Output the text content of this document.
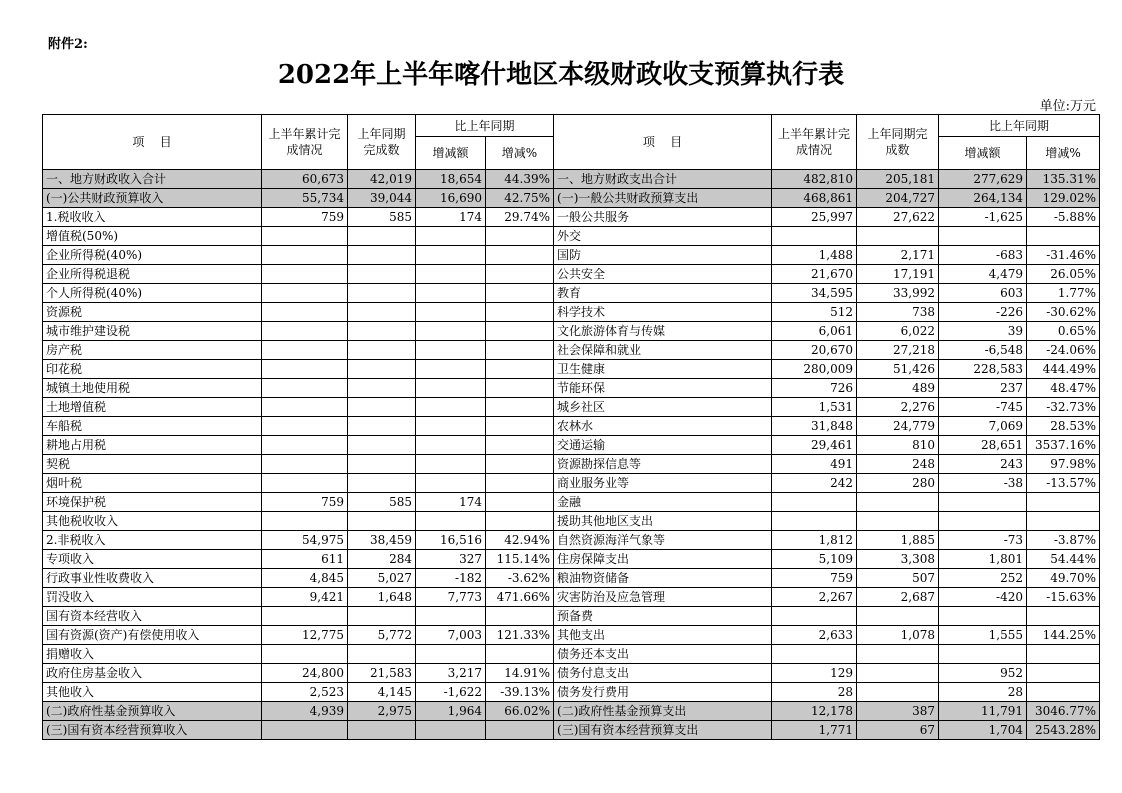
附件2:
2022年上半年喀什地区本级财政收支预算执行表
单位:万元
项    目	上半年累计完成情况	上年同期完成数	比上年同期		项    目	上半年累计完成情况	上年同期完成数	比上年同期	
			增减额	增减%				增减额	增减%
一、地方财政收入合计	60,673	42,019	18,654	44.39%	一、地方财政支出合计	482,810	205,181	277,629	135.31%
(一)公共财政预算收入	55,734	39,044	16,690	42.75%	(一)一般公共财政预算支出	468,861	204,727	264,134	129.02%
1.税收收入	759	585	174	29.74%	一般公共服务	25,997	27,622	-1,625	-5.88%
增值税(50%)					外交				
企业所得税(40%)					国防	1,488	2,171	-683	-31.46%
企业所得税退税					公共安全	21,670	17,191	4,479	26.05%
个人所得税(40%)					教育	34,595	33,992	603	1.77%
资源税					科学技术	512	738	-226	-30.62%
城市维护建设税					文化旅游体育与传媒	6,061	6,022	39	0.65%
房产税					社会保障和就业	20,670	27,218	-6,548	-24.06%
印花税					卫生健康	280,009	51,426	228,583	444.49%
城镇土地使用税					节能环保	726	489	237	48.47%
土地增值税					城乡社区	1,531	2,276	-745	-32.73%
车船税					农林水	31,848	24,779	7,069	28.53%
耕地占用税					交通运输	29,461	810	28,651	3537.16%
契税					资源勘探信息等	491	248	243	97.98%
烟叶税					商业服务业等	242	280	-38	-13.57%
环境保护税	759	585	174		金融				
其他税收收入					援助其他地区支出				
2.非税收入	54,975	38,459	16,516	42.94%	自然资源海洋气象等	1,812	1,885	-73	-3.87%
专项收入	611	284	327	115.14%	住房保障支出	5,109	3,308	1,801	54.44%
行政事业性收费收入	4,845	5,027	-182	-3.62%	粮油物资储备	759	507	252	49.70%
罚没收入	9,421	1,648	7,773	471.66%	灾害防治及应急管理	2,267	2,687	-420	-15.63%
国有资本经营收入					预备费				
国有资源(资产)有偿使用收入	12,775	5,772	7,003	121.33%	其他支出	2,633	1,078	1,555	144.25%
捐赠收入					债务还本支出				
政府住房基金收入	24,800	21,583	3,217	14.91%	债务付息支出	129		952	
其他收入	2,523	4,145	-1,622	-39.13%	债务发行费用	28		28	
(二)政府性基金预算收入	4,939	2,975	1,964	66.02%	(二)政府性基金预算支出	12,178	387	11,791	3046.77%
(三)国有资本经营预算收入					(三)国有资本经营预算支出	1,771	67	1,704	2543.28%
